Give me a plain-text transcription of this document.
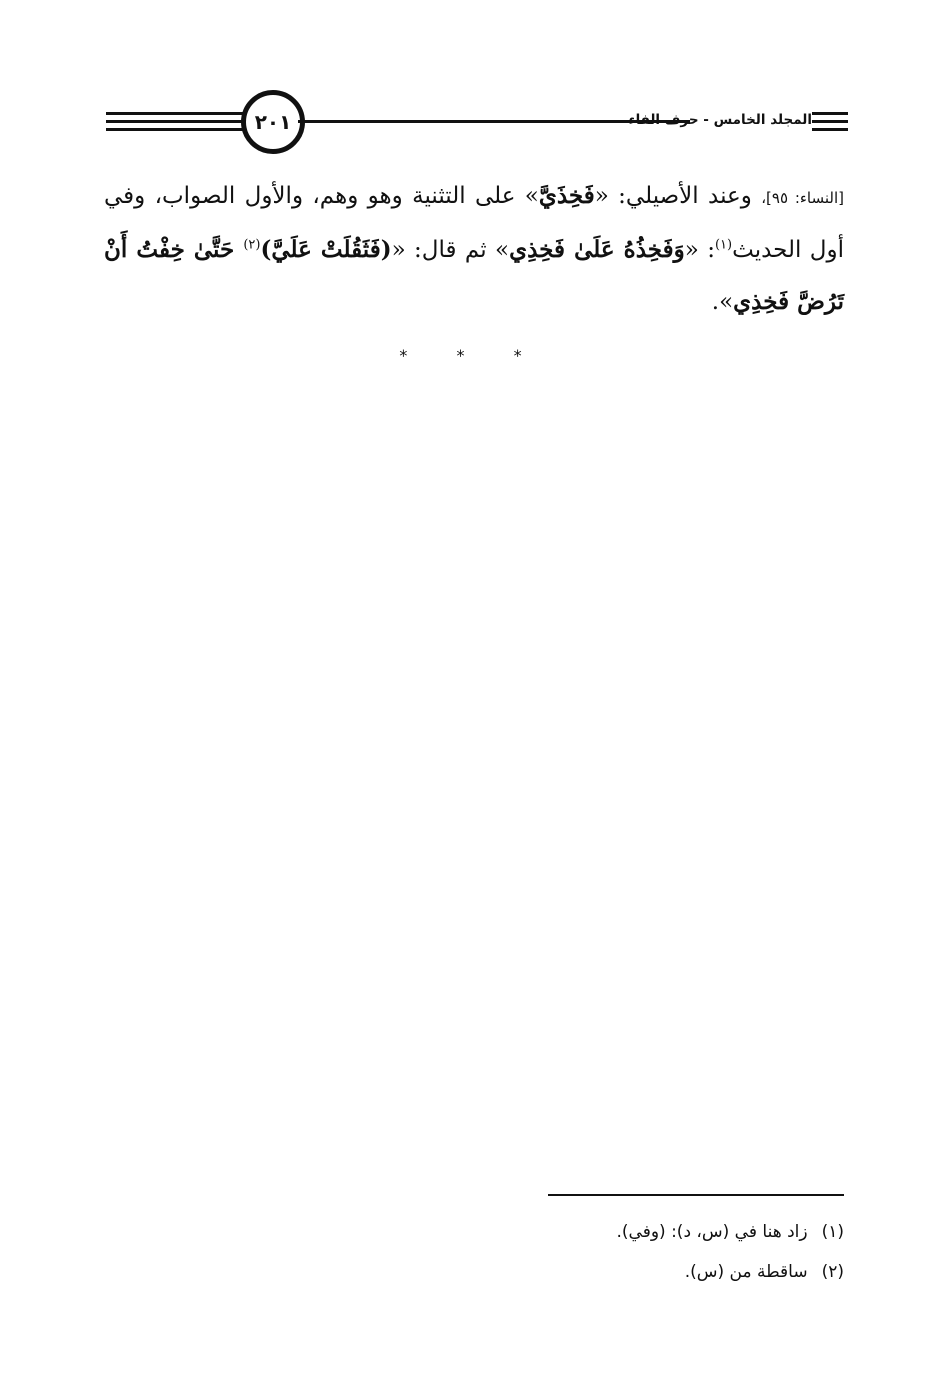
٢٠١	المجلد الخامس - حرف الفاء
[النساء: ٩٥]، وعند الأصيلي: «فَخِذَيَّ» على التثنية وهو وهم، والأول الصواب، وفي أول الحديث$^{(١)}$: «وَفَخِذُهُ عَلَىٰ فَخِذِي» ثم قال: «(فَثَقُلَتْ عَلَيَّ)$^{(٢)}$ حَتَّىٰ خِفْتُ أَنْ تَرُضَّ فَخِذِي».
* * *
(١)زاد هنا في (س، د): (وفي).
(٢)ساقطة من (س).
